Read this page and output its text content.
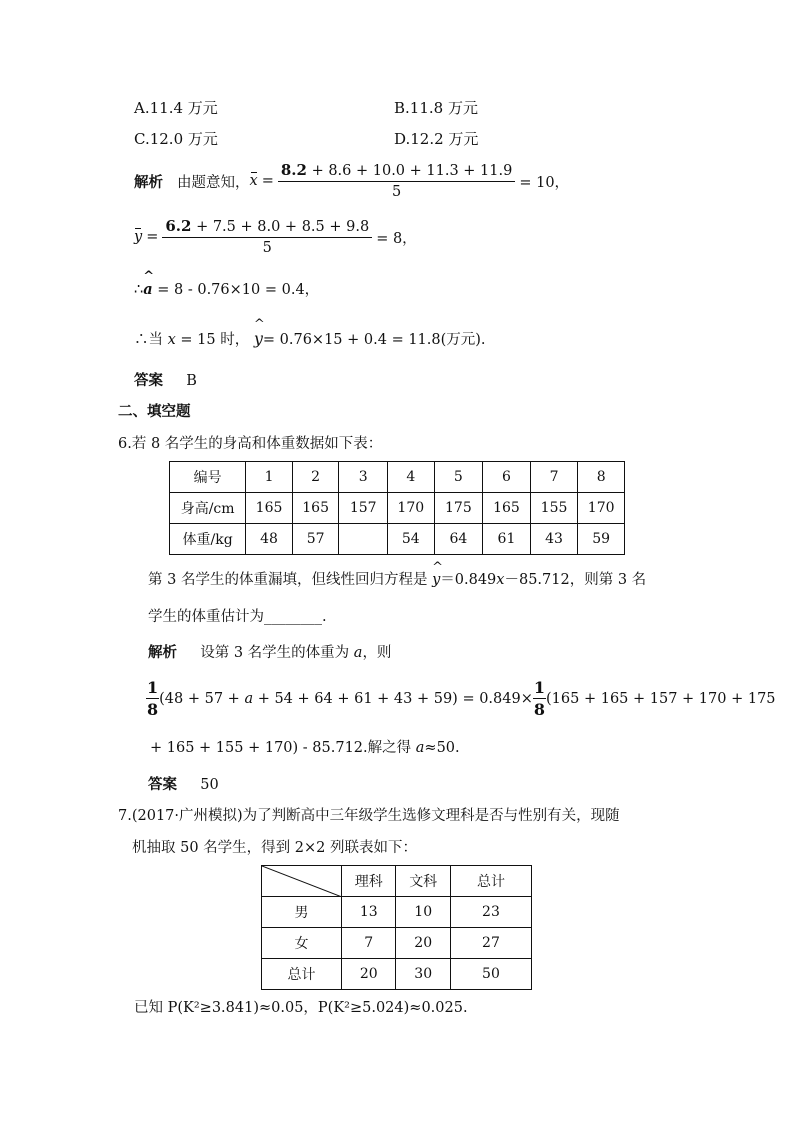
A.11.4 万元	B.11.8 万元
C.12.0 万元	D.12.2 万元
解析 由题意知， $x = \frac{8.2 + 8.6 + 10.0 + 11.3 + 11.9}{5} = 10$，
$y = \frac{6.2 + 7.5 + 8.0 + 8.5 + 9.8}{5} = 8$，
∴
^
a = 8 - 0.76×10 = 0.4，
∴当 x = 15 时，
^
y= 0.76×15 + 0.4 = 11.8(万元).
答案 B
二、填空题
6.若 8 名学生的身高和体重数据如下表：
编号	1	2	3	4	5	6	7	8
身高/cm	165	165	157	170	175	165	155	170
体重/kg	48	57		54	64	61	43	59
第 3 名学生的体重漏填，但线性回归方程是
^
y＝0.849x－85.712，则第 3 名
学生的体重估计为________.
解析 设第 3 名学生的体重为 a，则
$\frac{1}{8} (48 + 57$ +
a
+ $54 + 64 + 61 + 43 + 59) = 0.849\times \frac{1}{8} (165 + 165 + 157 + 170 + 175$
+ 165 + 155 + 170) - 85.712.解之得 a≈50.
答案 50
7.(2017·广州模拟)为了判断高中三年级学生选修文理科是否与性别有关，现随
机抽取 50 名学生，得到 2×2 列联表如下：
	理科	文科	总计
男	13	10	23
女	7	20	27
总计	20	30	50
已知 P(K²≥3.841)≈0.05，P(K²≥5.024)≈0.025.
